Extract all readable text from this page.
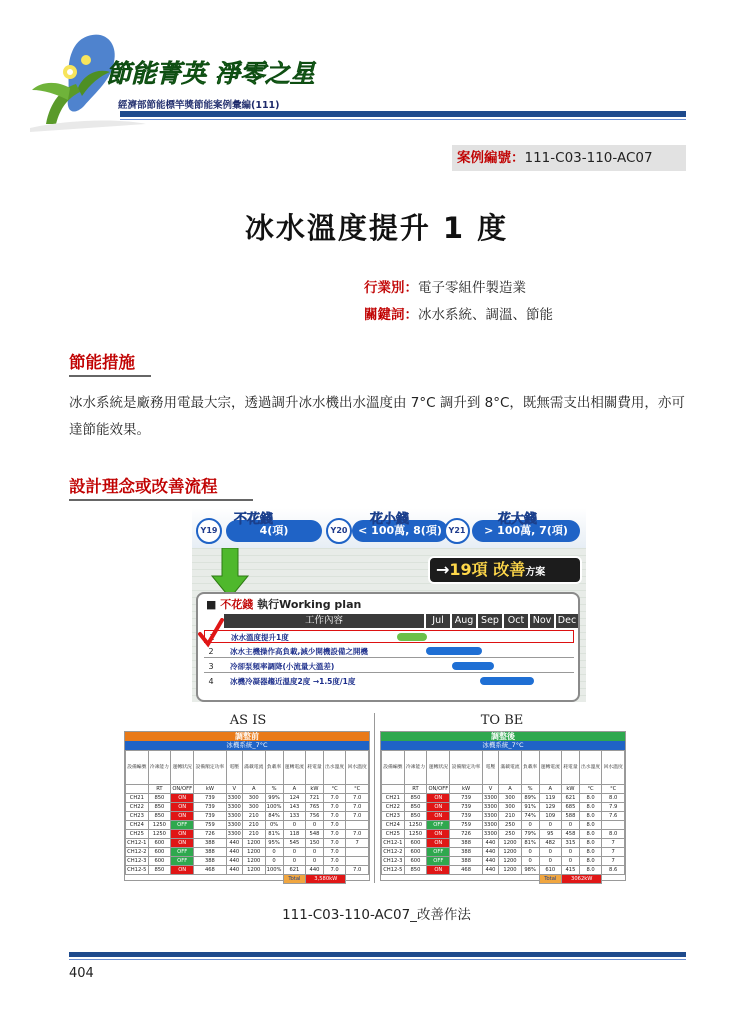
節能菁英 淨零之星
經濟部節能標竿獎節能案例彙編(111)
案例編號：111-C03-110-AC07
冰水溫度提升 1 度
行業別：電子零組件製造業
關鍵詞：冰水系統、調溫、節能
節能措施
冰水系統是廠務用電最大宗，透過調升冰水機出水溫度由 7°C 調升到 8°C，既無需支出相關費用，亦可達節能效果。
設計理念或改善流程
Y19	4(項)
不花錢
Y20 < 100萬, 8(項)
花小錢
Y21	> 100萬, 7(項)
花大錢
→19項 改善方案
■ 不花錢 執行Working plan
工作內容	Jul	Aug Sep Oct Nov Dec
1	冰水溫度提升1度
2	冰水主機操作高負載,減少開機設備之開機
3	冷卻泵頻率調降(小流量大溫差)
4	冰機冷凝器趨近溫度2度 →1.5度/1度
AS IS	TO BE
調整前
冰機系統_7°C
設備編號	冷凍能力	運轉狀況	設備額定功率	電壓	滿載電流	負載率	運轉電流	耗電量	出水溫度	回水溫度
	RT	ON/OFF	kW	V	A	%	A	kW	°C	°C
CH21	850	ON	739	3300	300	99%	124	721	7.0	7.0
CH22	850	ON	739	3300	300	100%	143	765	7.0	7.0
CH23	850	ON	739	3300	210	84%	133	756	7.0	7.0
CH24	1250	OFF	759	3300	210	0%	0	0	7.0	
CH25	1250	ON	726	3300	210	81%	118	548	7.0	7.0
CH12-1	600	ON	388	440	1200	95%	545	150	7.0	7
CH12-2	600	OFF	388	440	1200	0	0	0	7.0	
CH12-3	600	OFF	388	440	1200	0	0	0	7.0	
CH12-5	850	ON	468	440	1200	100%	621	440	7.0	7.0
							Total	3,580kW		
調整後
冰機系統_7°C
設備編號	冷凍能力	運轉狀況	設備額定功率	電壓	滿載電流	負載率	運轉電流	耗電量	出水溫度	回水溫度
	RT	ON/OFF	kW	V	A	%	A	kW	°C	°C
CH21	850	ON	739	3300	300	89%	119	621	8.0	8.0
CH22	850	ON	739	3300	300	91%	129	685	8.0	7.9
CH23	850	ON	739	3300	210	74%	109	588	8.0	7.6
CH24	1250	OFF	759	3300	250	0	0	0	8.0	
CH25	1250	ON	726	3300	250	79%	95	458	8.0	8.0
CH12-1	600	ON	388	440	1200	81%	482	315	8.0	7
CH12-2	600	OFF	388	440	1200	0	0	0	8.0	7
CH12-3	600	OFF	388	440	1200	0	0	0	8.0	7
CH12-5	850	ON	468	440	1200	98%	610	415	8.0	8.6
							Total	3062kW		
111-C03-110-AC07_改善作法
404
